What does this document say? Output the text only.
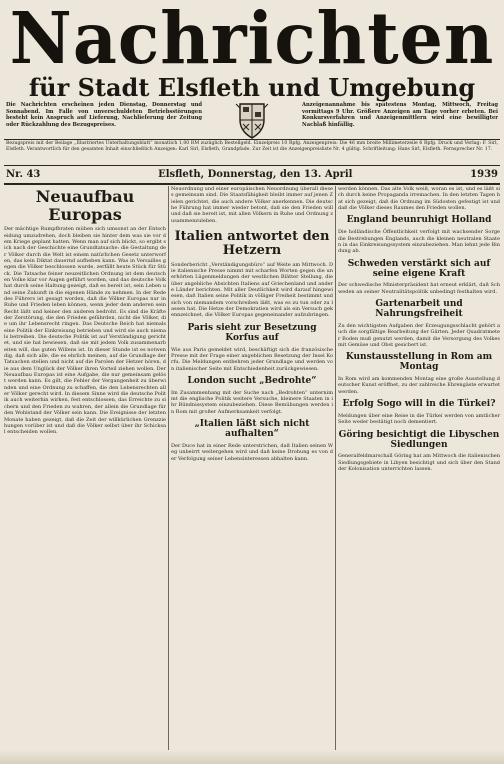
Nachrichten
für Stadt Elsfleth und Umgebung
Die Nachrichten erscheinen jeden Dienstag, Donnerstag und Sonnabend. Im Falle von unverschuldeten Betriebsstörungen besteht kein Anspruch auf Lieferung, Nachlieferung der Zeitung oder Rückzahlung des Bezugspreises.
Anzeigenannahme bis spätestens Montag, Mittwoch, Freitag vormittags 9 Uhr. Größere Anzeigen am Tage vorher erbeten. Bei Konkursverfahren und Anzeigenmittlern wird eine bewilligter Nachlaß hinfällig.
Bezugspreis mit der Beilage „Illustriertes Unterhaltungsblatt“ monatlich 1,00 RM zuzüglich Bestellgeld. Einzelpreis 10 Rpfg. Anzeigenpreis: Die 46 mm breite Millimeterzeile 6 Rpfg. Druck und Verlag: F. Sirl, Elsfleth. Verantwortlich für den gesamten Inhalt einschließlich Anzeigen: Karl Sirl, Elsfleth, Grandpfade. Zur Zeit ist die Anzeigenpreisliste Nr. 4 gültig. Schriftleitung: Hans Sirl, Elsfleth. Fernsprecher Nr. 17.
Nr. 43	Elsfleth, Donnerstag, den 13. April	1939
Neuaufbau Europas
Der mächtige Rumpfbraten mühen sich umsonst an der Entscheidung umzudrehen, doch bleiben sie hinter dem was sie vor dem Kriege geplant hatten. Wenn man auf sich blickt, so ergibt sich nach der Geschichte eine Grundtatsache: die Gestaltung der Völker durch die Welt ist einem natürlichen Gesetz unterworfen, das kein Diktat dauernd aufheben kann. Was in Versailles gegen die Völker beschlossen wurde, zerfällt heute Stück für Stück. Die Tatsache feiner neuzeitlichen Ordnung ist dem deutschen Volke klar vor Augen geführt worden, und das deutsche Volk hat durch seine Haltung gezeigt, daß es bereit ist, sein Leben und seine Zukunft in die eigenen Hände zu nehmen. In der Rede des Führers ist gesagt worden, daß die Völker Europas nur in Ruhe und Frieden leben können, wenn jeder dem anderen sein Recht läßt und keiner den anderen bedroht. Es sind die Kräfte der Zerstörung, die den Frieden gefährden, nicht die Völker, die um ihr Lebensrecht ringen. Das Deutsche Reich hat niemals eine Politik der Einkreisung betrieben und wird sie auch niemals betreiben. Die deutsche Politik ist auf Verständigung gerichtet, und sie hat bewiesen, daß sie mit jedem Volk zusammenarbeiten will, das guten Willens ist. In dieser Stunde ist es notwendig, daß sich alle, die es ehrlich meinen, auf die Grundlage der Tatsachen stellen und nicht auf die Parolen der Hetzer hören, die aus dem Unglück der Völker ihren Vorteil ziehen wollen. Der Neuaufbau Europas ist eine Aufgabe, die nur gemeinsam gelöst werden kann. Es gilt, die Fehler der Vergangenheit zu überwinden und eine Ordnung zu schaffen, die den Lebensrechten aller Völker gerecht wird. In diesem Sinne wird die deutsche Politik auch weiterhin wirken, fest entschlossen, das Erreichte zu sichern und den Frieden zu wahren, der allein die Grundlage für den Wohlstand der Völker sein kann. Die Ereignisse der letzten Monate haben gezeigt, daß die Zeit der willkürlichen Grenzziehungen vorüber ist und daß die Völker selbst über ihr Schicksal entscheiden wollen.
Neuordnung und einer europäischen Neuordnung überall dieses gemeinsam sind. Die Staatsfähigkeit bleibt immer auf jenen Zielen gerichtet, die auch andere Völker anerkennen. Die deutsche Führung hat immer wieder betont, daß sie den Frieden will und daß sie bereit ist, mit allen Völkern in Ruhe und Ordnung zusammenzuleben.
Italien antwortet den Hetzern
Sonderbericht „Verständigungsbüro“ auf Weite am Mittwoch. Die italienische Presse nimmt mit scharfen Worten gegen die unerhörten Lügenmeldungen der westlichen Blätter Stellung, die über angebliche Absichten Italiens auf Griechenland und andere Länder berichten. Mit aller Deutlichkeit wird darauf hingewiesen, daß Italien seine Politik in völliger Freiheit bestimmt und sich von niemandem vorschreiben läßt, was es zu tun oder zu lassen hat. Die Hetze der Demokratien wird als ein Versuch gekennzeichnet, die Völker Europas gegeneinander aufzubringen.
Paris sieht zur Besetzung Korfus auf
Wie aus Paris gemeldet wird, beschäftigt sich die französische Presse mit der Frage einer angeblichen Besetzung der Insel Korfu. Die Meldungen entbehren jeder Grundlage und werden von italienischer Seite mit Entschiedenheit zurückgewiesen.
London sucht „Bedrohte“
Im Zusammenhang mit der Suche nach „Bedrohten“ unternimmt die englische Politik weitere Versuche, kleinere Staaten in ihr Bündnissystem einzubeziehen. Diese Bemühungen werden in Rom mit großer Aufmerksamkeit verfolgt.
„Italien läßt sich nicht aufhalten“
Der Duce hat in einer Rede unterstrichen, daß Italien seinen Weg unbeirrt weitergehen wird und daß keine Drohung es von der Verfolgung seiner Lebensinteressen abhalten kann.
werden können. Das alte Volk weiß, woran es ist, und es läßt sich durch keine Propaganda irremachen. In den letzten Tagen hat sich gezeigt, daß die Ordnung im Südosten gefestigt ist und daß die Völker dieses Raumes den Frieden wollen.
England beunruhigt Holland
Die holländische Öffentlichkeit verfolgt mit wachsender Sorge die Bestrebungen Englands, auch die kleinen neutralen Staaten in das Einkreisungssystem einzubeziehen. Man lehnt jede Bindung ab.
Schweden verstärkt sich auf seine eigene Kraft
Der schwedische Ministerpräsident hat erneut erklärt, daß Schweden an seiner Neutralitätspolitik unbedingt festhalten wird.
Gartenarbeit und Nahrungsfreiheit
Zu den wichtigsten Aufgaben der Erzeugungsschlacht gehört auch die sorgfältige Bearbeitung der Gärten. Jeder Quadratmeter Boden muß genutzt werden, damit die Versorgung des Volkes mit Gemüse und Obst gesichert ist.
Kunstausstellung in Rom am Montag
In Rom wird am kommenden Montag eine große Ausstellung deutscher Kunst eröffnet, zu der zahlreiche Ehrengäste erwartet werden.
Erfolg Sogo will in die Türkei?
Meldungen über eine Reise in die Türkei werden von amtlicher Seite weder bestätigt noch dementiert.
Göring besichtigt die Libyschen Siedlungen
Generalfeldmarschall Göring hat am Mittwoch die italienischen Siedlungsgebiete in Libyen besichtigt und sich über den Stand der Kolonisation unterrichten lassen.
